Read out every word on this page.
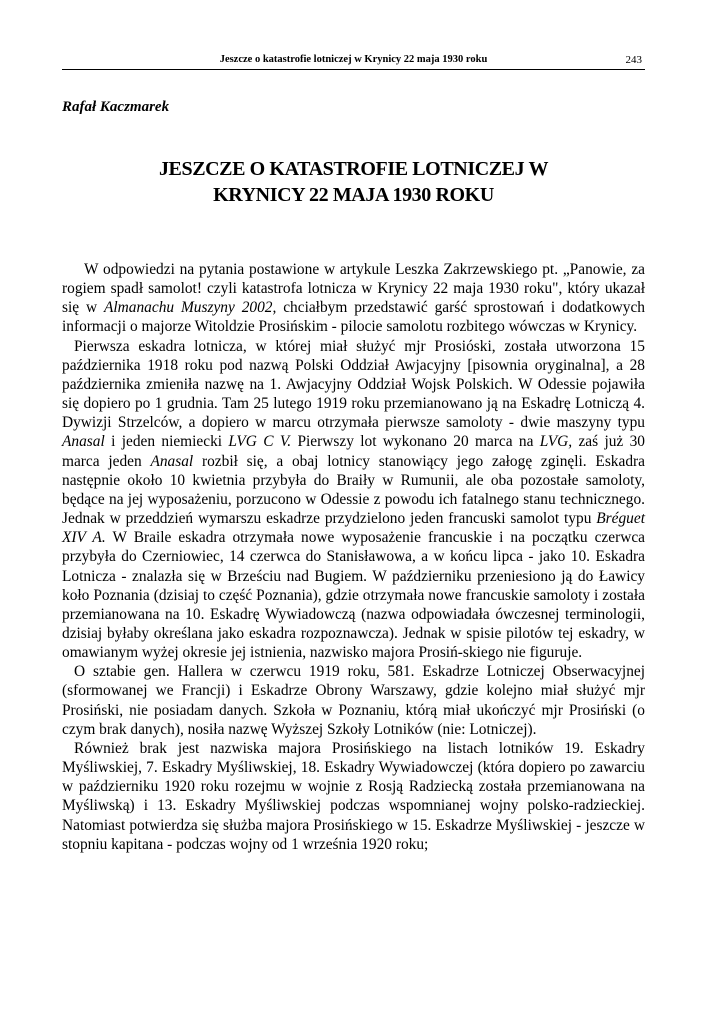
Jeszcze o katastrofie lotniczej w Krynicy 22 maja 1930 roku	243
Rafał Kaczmarek
JESZCZE O KATASTROFIE LOTNICZEJ W
KRYNICY 22 MAJA 1930 ROKU

W odpowiedzi na pytania postawione w artykule Leszka Zakrzewskiego pt. „Panowie, za rogiem spadł samolot! czyli katastrofa lotnicza w Krynicy 22 maja 1930 roku", który ukazał się w Almanachu Muszyny 2002, chciałbym przedstawić garść sprostowań i dodatkowych informacji o majorze Witoldzie Prosińskim - pilocie samolotu rozbitego wówczas w Krynicy.

Pierwsza eskadra lotnicza, w której miał służyć mjr Prosióski, została utworzona 15 października 1918 roku pod nazwą Polski Oddział Awjacyjny [pisownia oryginalna], a 28 października zmieniła nazwę na 1. Awjacyjny Oddział Wojsk Polskich. W Odessie pojawiła się dopiero po 1 grudnia. Tam 25 lutego 1919 roku przemianowano ją na Eskadrę Lotniczą 4. Dywizji Strzelców, a dopiero w marcu otrzymała pierwsze samoloty - dwie maszyny typu Anasal i jeden niemiecki LVG C V. Pierwszy lot wykonano 20 marca na LVG, zaś już 30 marca jeden Anasal rozbił się, a obaj lotnicy stanowiący jego załogę zginęli. Eskadra następnie około 10 kwietnia przybyła do Braiły w Rumunii, ale oba pozostałe samoloty, będące na jej wyposażeniu, porzucono w Odessie z powodu ich fatalnego stanu technicznego. Jednak w przeddzień wymarszu eskadrze przydzielono jeden francuski samolot typu Bréguet XIV A. W Braile eskadra otrzymała nowe wyposażenie francuskie i na początku czerwca przybyła do Czerniowiec, 14 czerwca do Stanisławowa, a w końcu lipca - jako 10. Eskadra Lotnicza - znalazła się w Brześciu nad Bugiem. W październiku przeniesiono ją do Ławicy koło Poznania (dzisiaj to część Poznania), gdzie otrzymała nowe francuskie samoloty i została przemianowana na 10. Eskadrę Wywiadowczą (nazwa odpowiadała ówczesnej terminologii, dzisiaj byłaby określana jako eskadra rozpoznawcza). Jednak w spisie pilotów tej eskadry, w omawianym wyżej okresie jej istnienia, nazwisko majora Prosiń-skiego nie figuruje.

O sztabie gen. Hallera w czerwcu 1919 roku, 581. Eskadrze Lotniczej Obserwacyjnej (sformowanej we Francji) i Eskadrze Obrony Warszawy, gdzie kolejno miał służyć mjr Prosiński, nie posiadam danych. Szkoła w Poznaniu, którą miał ukończyć mjr Prosiński (o czym brak danych), nosiła nazwę Wyższej Szkoły Lotników (nie: Lotniczej).

Również brak jest nazwiska majora Prosińskiego na listach lotników 19. Eskadry Myśliwskiej, 7. Eskadry Myśliwskiej, 18. Eskadry Wywiadowczej (która dopiero po zawarciu w październiku 1920 roku rozejmu w wojnie z Rosją Radziecką została przemianowana na Myśliwską) i 13. Eskadry Myśliwskiej podczas wspomnianej wojny polsko-radzieckiej. Natomiast potwierdza się służba majora Prosińskiego w 15. Eskadrze Myśliwskiej - jeszcze w stopniu kapitana - podczas wojny od 1 września 1920 roku;
